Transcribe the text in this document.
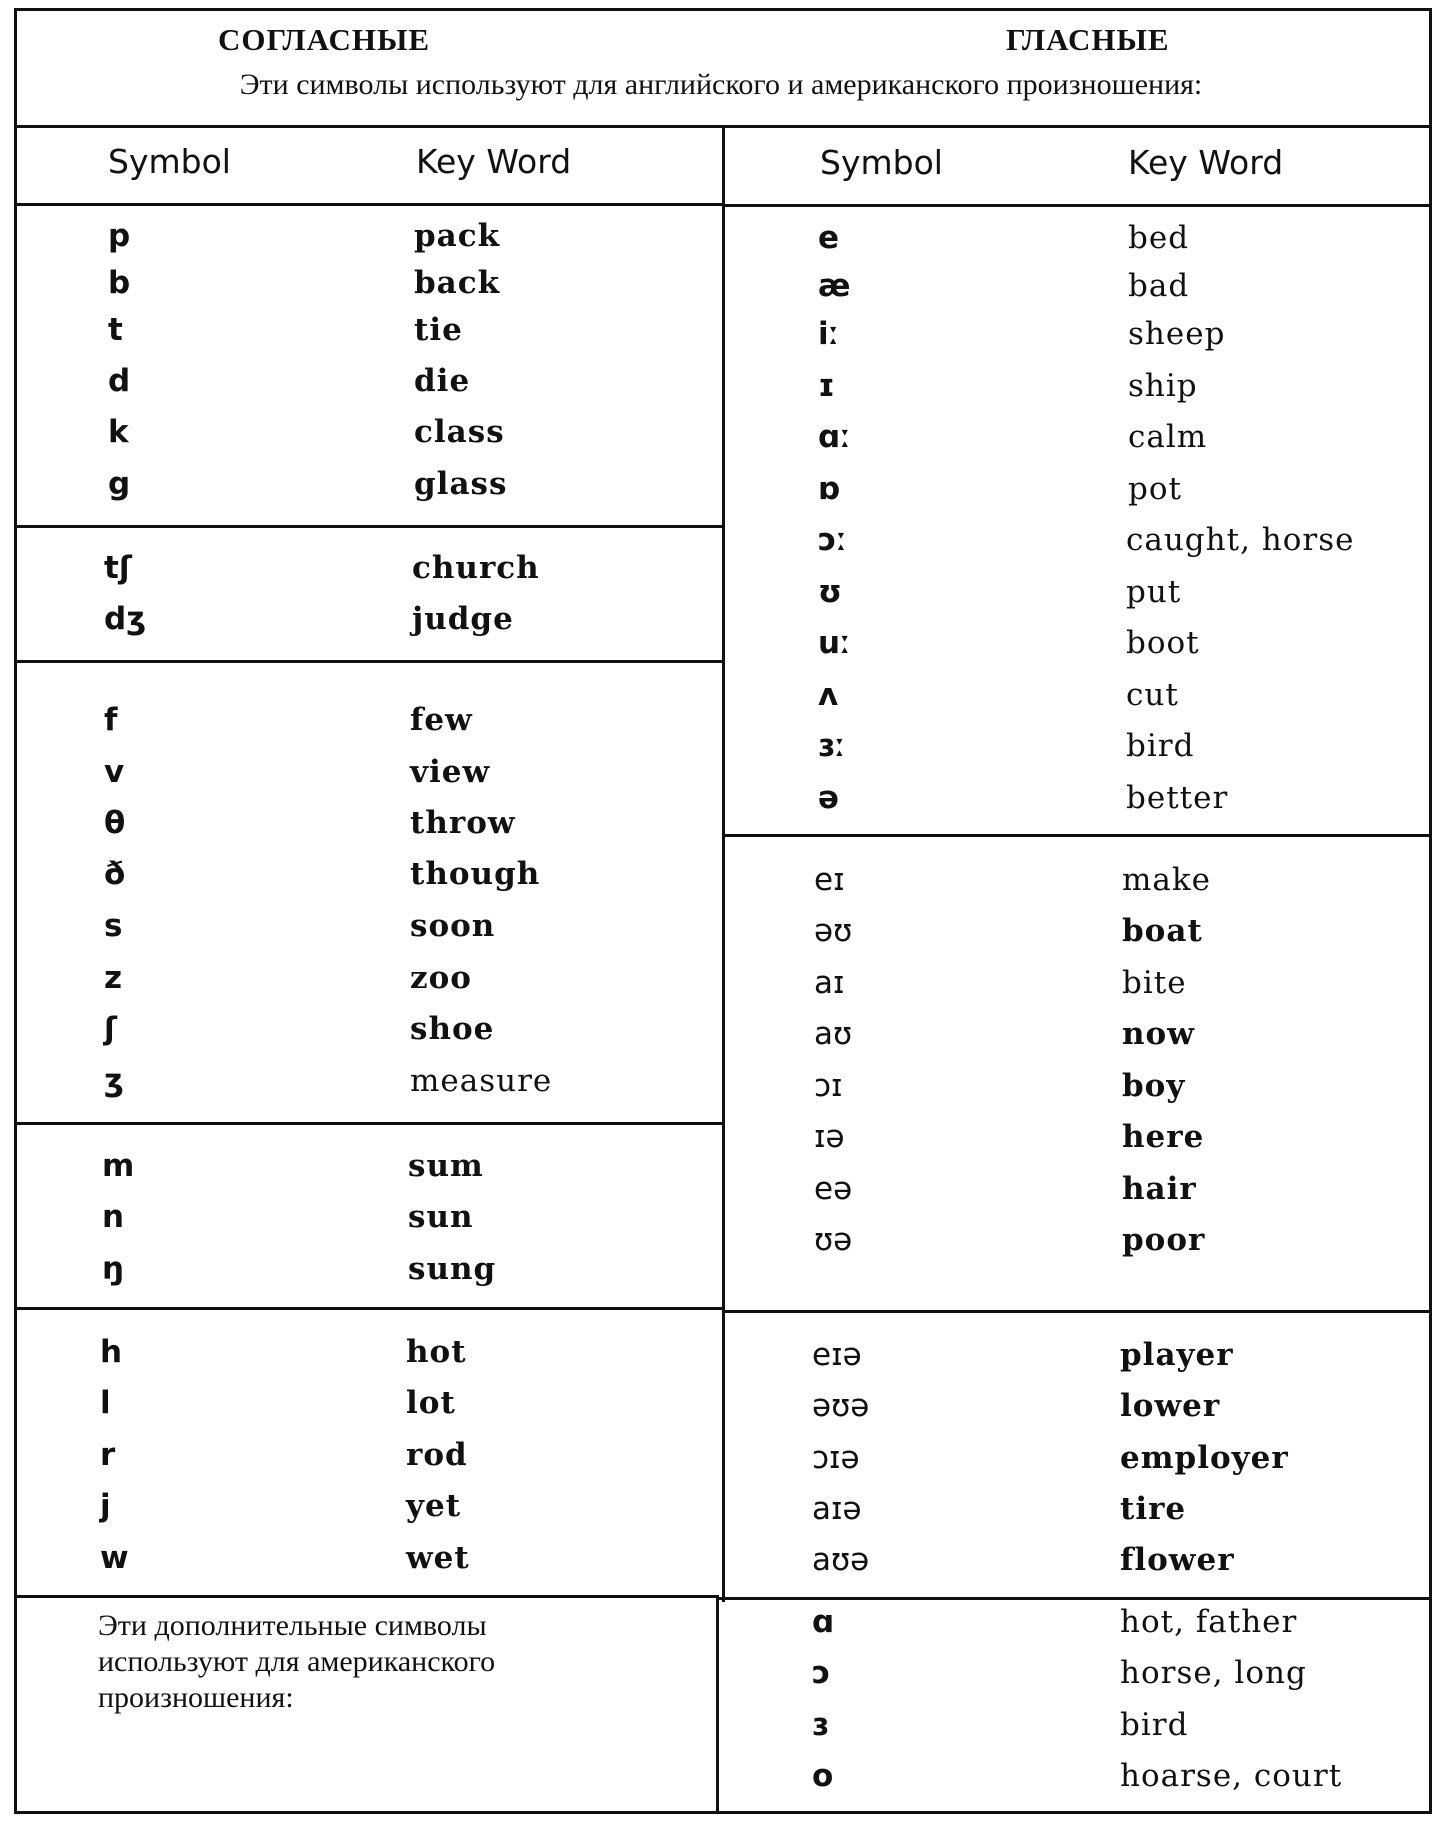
СОГЛАСНЫЕ	ГЛАСНЫЕ
Эти символы используют для английского и американского произношения:
Symbol	Key Word	Symbol	Key Word
p	pack
b	back
t	tie
d	die
k	class
g	glass
tʃ	church
dʒ	judge
f	few
v	view
θ	throw
ð	though
s	soon
z	zoo
ʃ	shoe
ʒ	measure
m	sum
n	sun
ŋ	sung
h	hot
l	lot
r	rod
j	yet
w	wet
e	bed
æ	bad
iː	sheep
ɪ	ship
ɑː	calm
ɒ	pot
ɔː	caught, horse
ʊ	put
uː	boot
ʌ	cut
ɜː	bird
ə	better
eɪ	make
əʊ	boat
aɪ	bite
aʊ	now
ɔɪ	boy
ɪə	here
eə	hair
ʊə	poor
eɪə	player
əʊə	lower
ɔɪə	employer
aɪə	tire
aʊə	flower
ɑ	hot, father
ɔ	horse, long
ɜ	bird
o	hoarse, court
Эти дополнительные символы используют для американского произношения:
